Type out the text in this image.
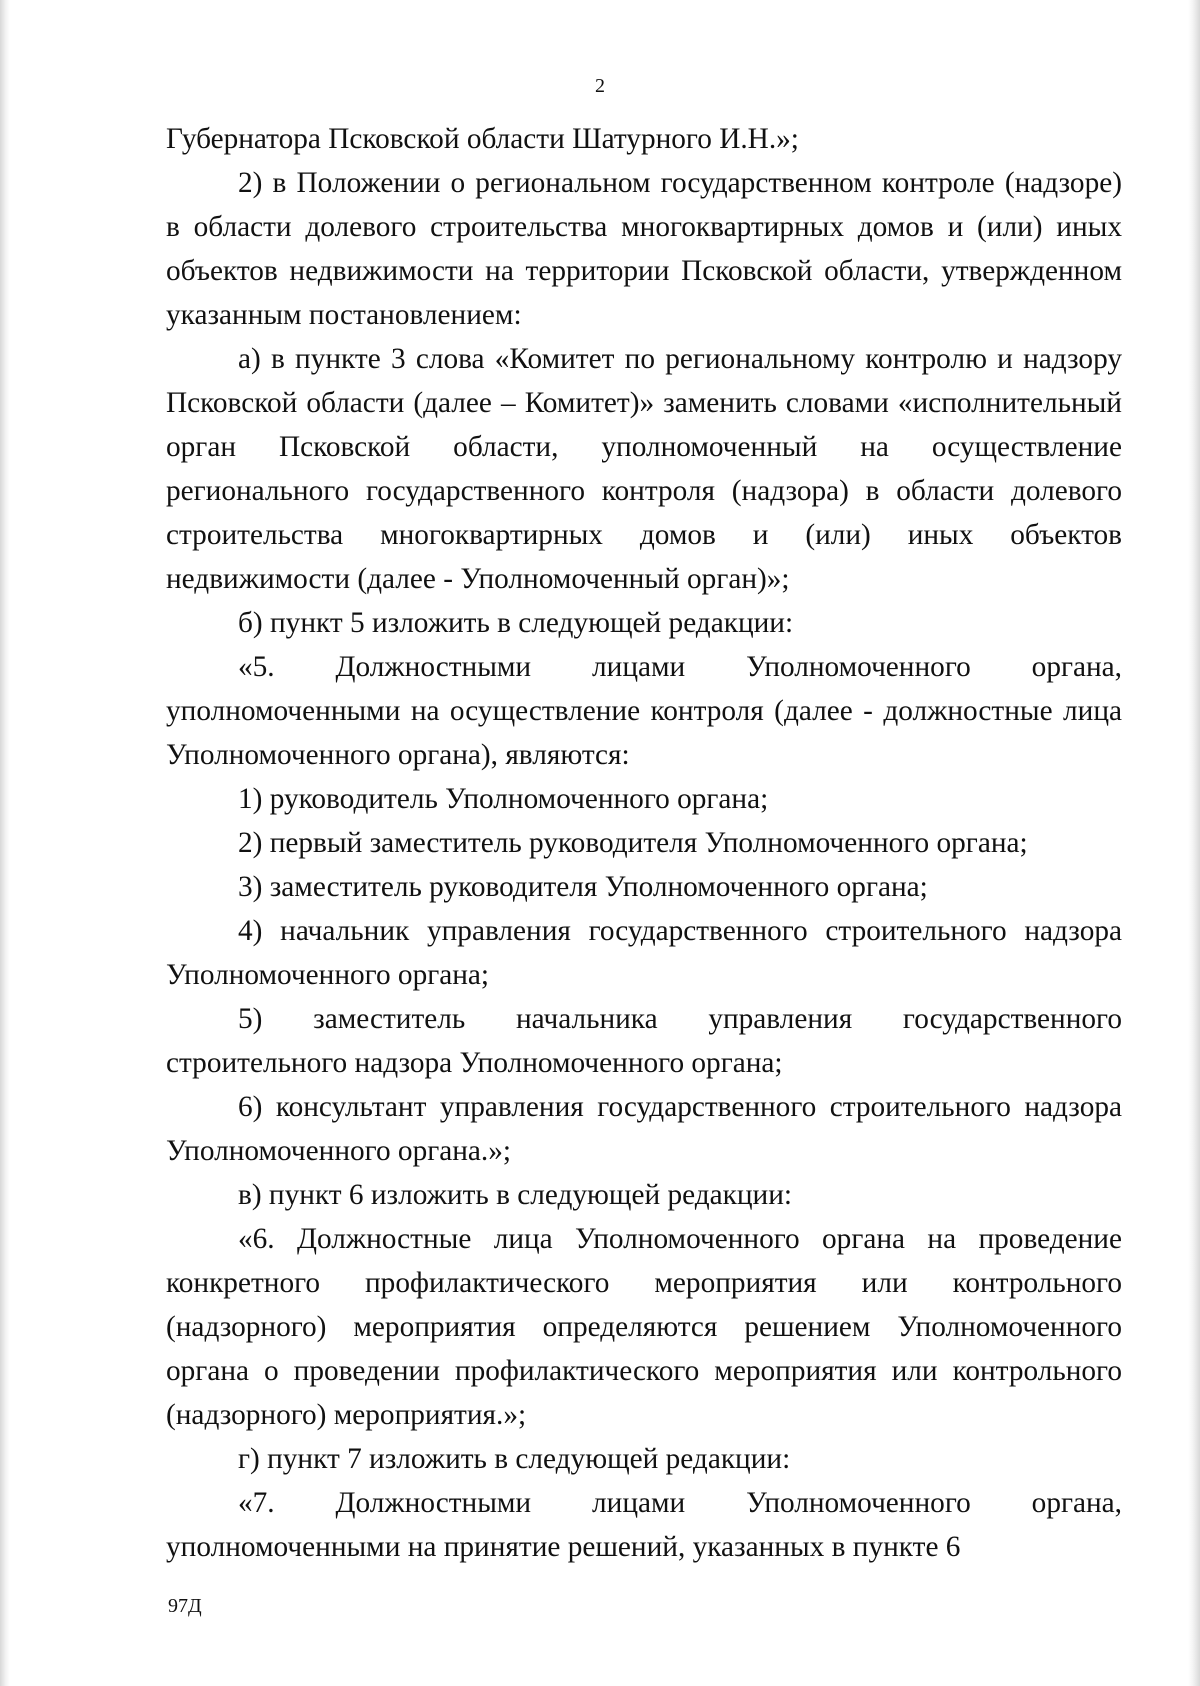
2

Губернатора Псковской области Шатурного И.Н.»;

2) в Положении о региональном государственном контроле (надзоре) в области долевого строительства многоквартирных домов и (или) иных объектов недвижимости на территории Псковской области, утвержденном указанным постановлением:

а) в пункте 3 слова «Комитет по региональному контролю и надзору Псковской области (далее – Комитет)» заменить словами «исполнительный орган Псковской области, уполномоченный на осуществление регионального государственного контроля (надзора) в области долевого строительства многоквартирных домов и (или) иных объектов недвижимости (далее - Уполномоченный орган)»;

б) пункт 5 изложить в следующей редакции:

«5. Должностными лицами Уполномоченного органа, уполномоченными на осуществление контроля (далее - должностные лица Уполномоченного органа), являются:

1) руководитель Уполномоченного органа;

2) первый заместитель руководителя Уполномоченного органа;

3) заместитель руководителя Уполномоченного органа;

4) начальник управления государственного строительного надзора Уполномоченного органа;

5) заместитель начальника управления государственного строительного надзора Уполномоченного органа;

6) консультант управления государственного строительного надзора Уполномоченного органа.»;

в) пункт 6 изложить в следующей редакции:

«6. Должностные лица Уполномоченного органа на проведение конкретного профилактического мероприятия или контрольного (надзорного) мероприятия определяются решением Уполномоченного органа о проведении профилактического мероприятия или контрольного (надзорного) мероприятия.»;

г) пункт 7 изложить в следующей редакции:

«7. Должностными лицами Уполномоченного органа, уполномоченными на принятие решений, указанных в пункте 6

97Д
